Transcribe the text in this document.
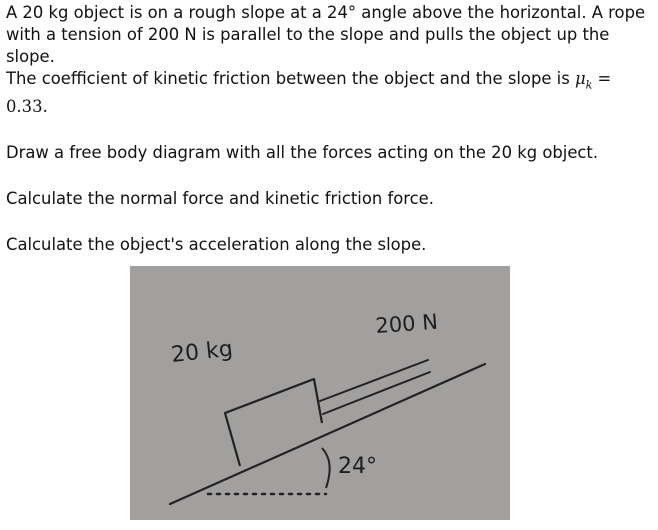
A 20 kg object is on a rough slope at a 24° angle above the horizontal. A rope
with a tension of 200 N is parallel to the slope and pulls the object up the slope.
The coefficient of kinetic friction between the object and the slope is $\mu_k = 0.33$.

Draw a free body diagram with all the forces acting on the 20 kg object.

Calculate the normal force and kinetic friction force.

Calculate the object's acceleration along the slope.

20 kg
200 N
24°
